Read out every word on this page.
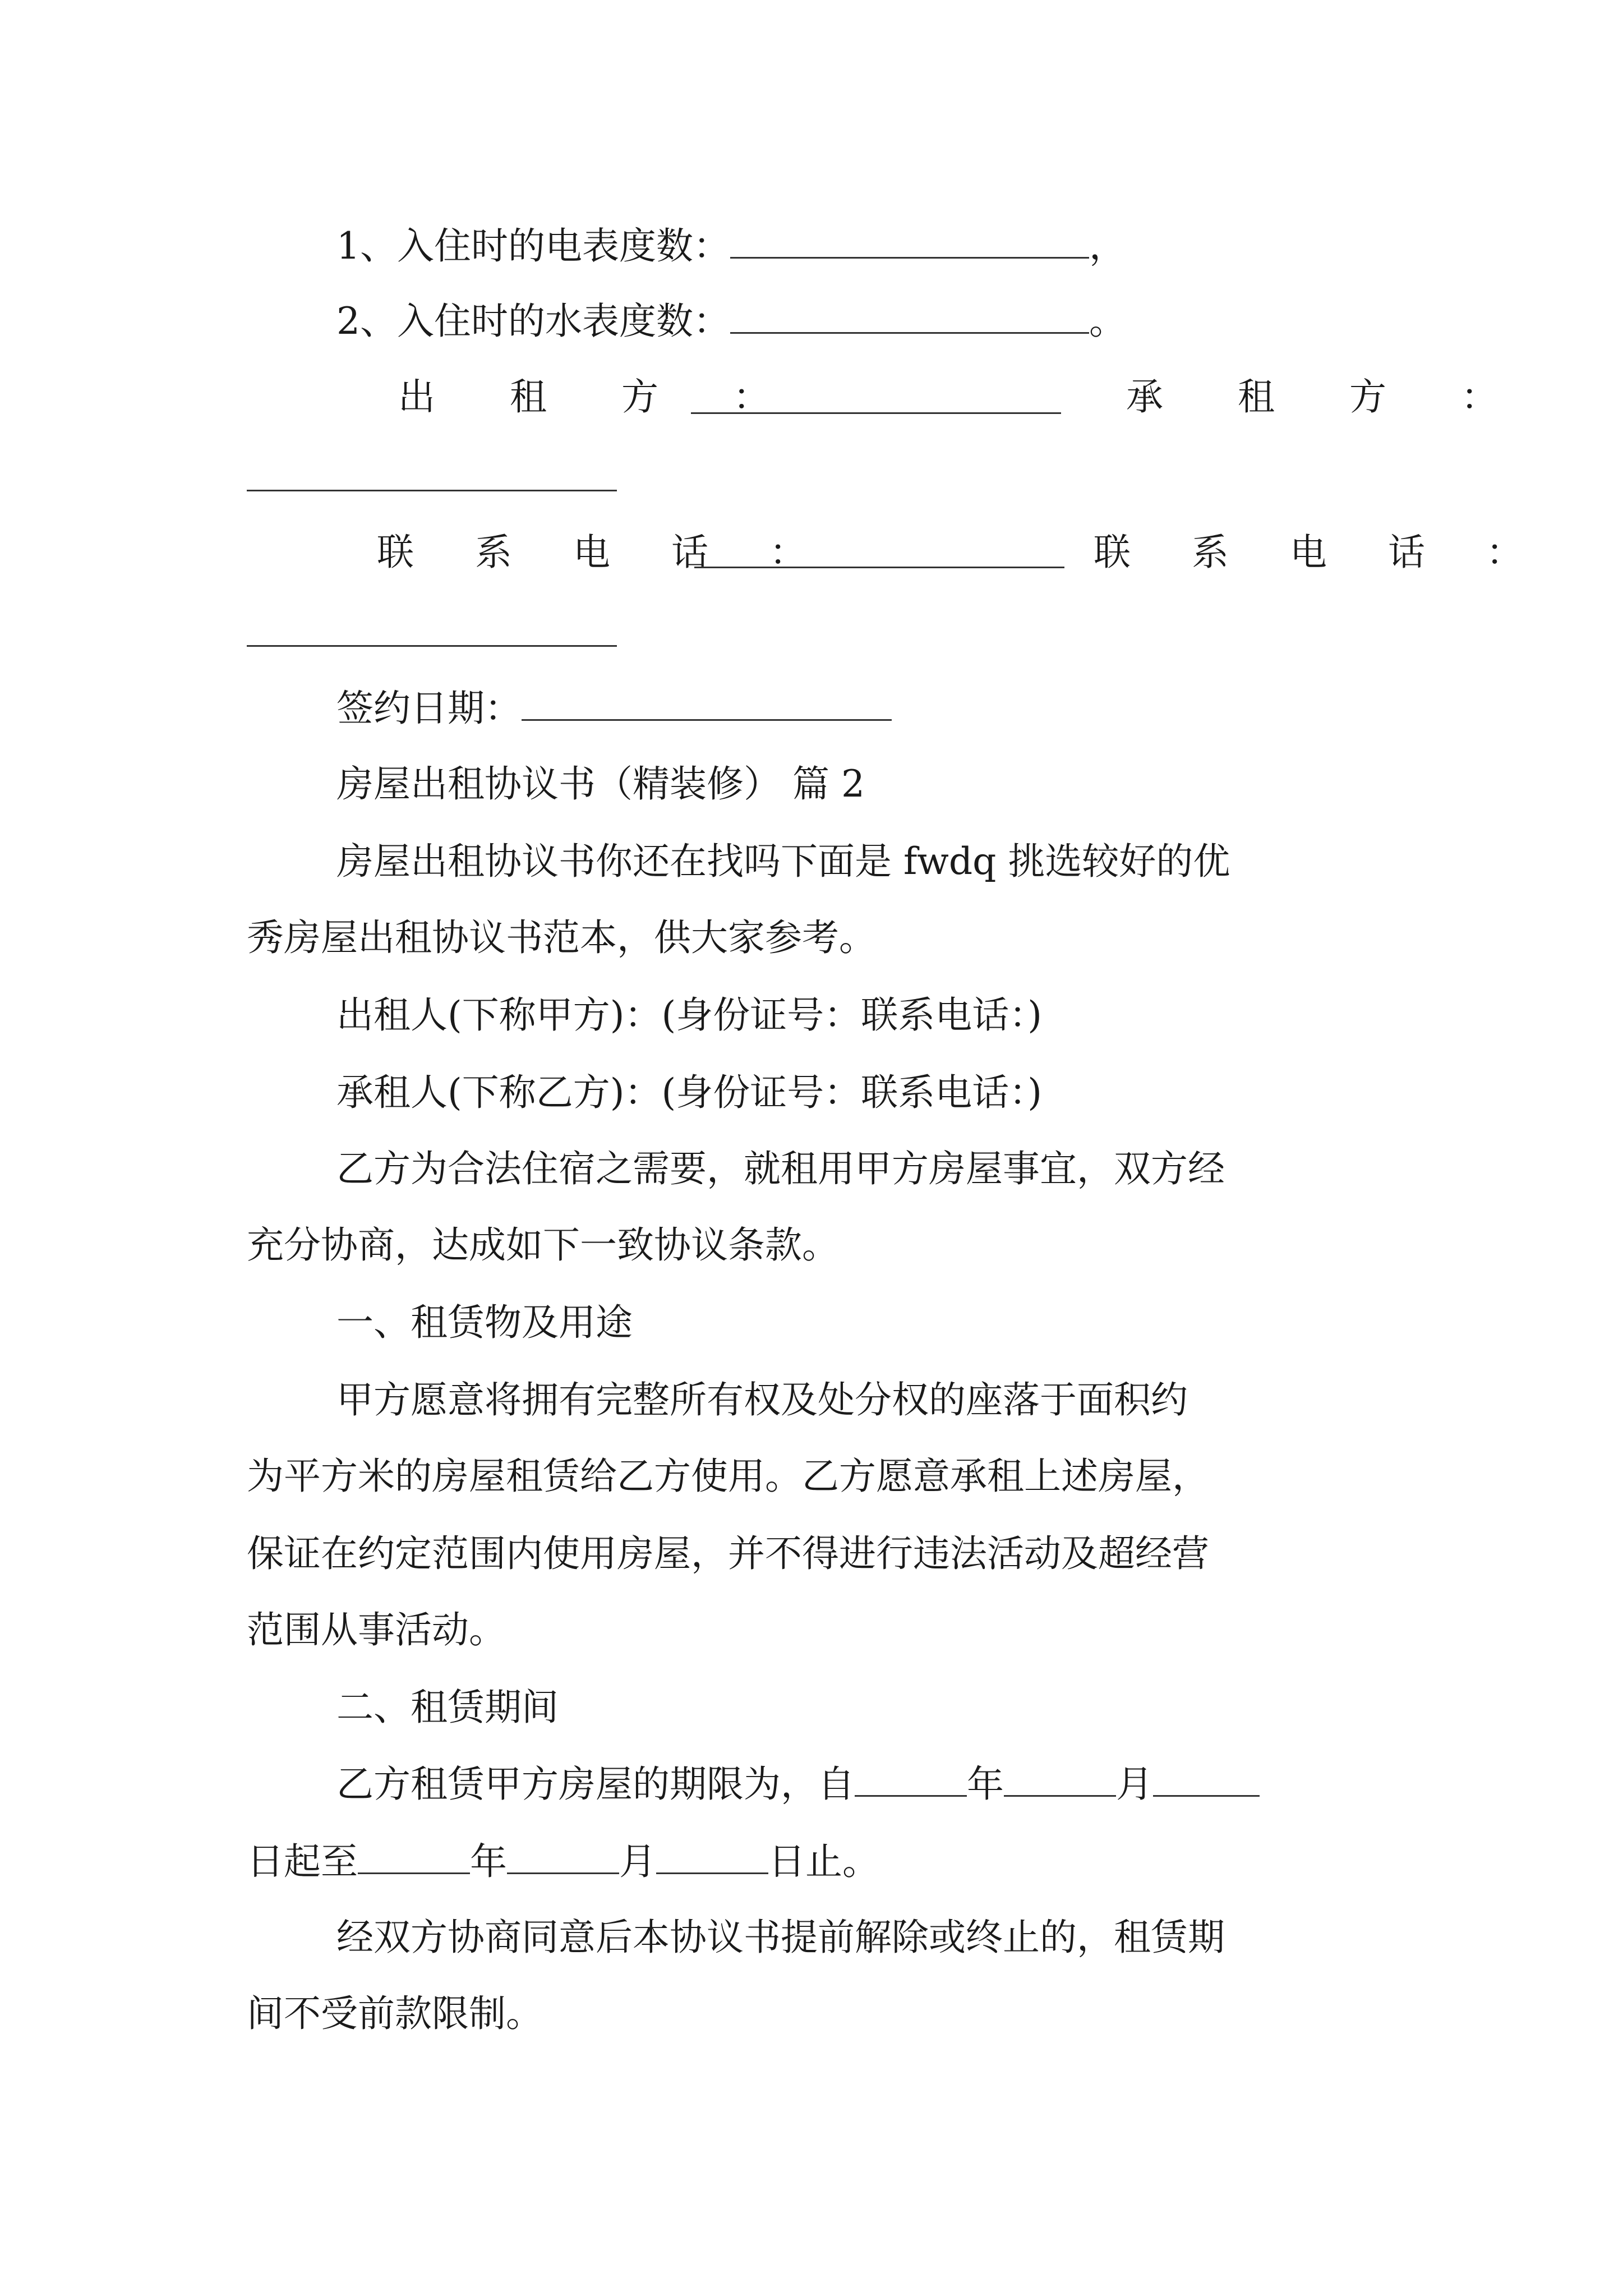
1、入住时的电表度数：	，
2、入住时的水表度数：	。
出 租 方 ：	承 租 方 ：
联 系 电 话 ：	联 系 电 话 ：
签约日期：
房屋出租协议书（精装修） 篇 2
房屋出租协议书你还在找吗下面是 fwdq 挑选较好的优
秀房屋出租协议书范本，供大家参考。
出租人(下称甲方)：(身份证号：联系电话：)
承租人(下称乙方)：(身份证号：联系电话：)
乙方为合法住宿之需要，就租用甲方房屋事宜，双方经
充分协商，达成如下一致协议条款。
一、租赁物及用途
甲方愿意将拥有完整所有权及处分权的座落于面积约
为平方米的房屋租赁给乙方使用。乙方愿意承租上述房屋，
保证在约定范围内使用房屋，并不得进行违法活动及超经营
范围从事活动。
二、租赁期间
乙方租赁甲方房屋的期限为，自	年	月
日起至	年	月	日止。
经双方协商同意后本协议书提前解除或终止的，租赁期
间不受前款限制。
